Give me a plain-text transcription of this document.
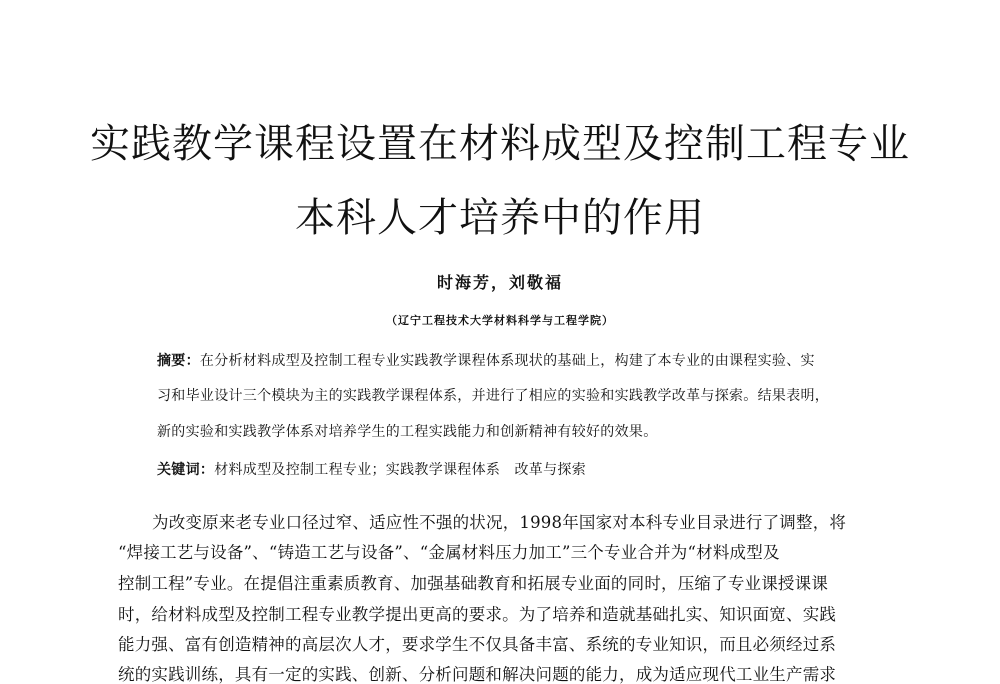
实践教学课程设置在材料成型及控制工程专业
本科人才培养中的作用
时海芳，刘敬福
（辽宁工程技术大学材料科学与工程学院）
摘要：在分析材料成型及控制工程专业实践教学课程体系现状的基础上，构建了本专业的由课程实验、实
习和毕业设计三个模块为主的实践教学课程体系，并进行了相应的实验和实践教学改革与探索。结果表明，
新的实验和实践教学体系对培养学生的工程实践能力和创新精神有较好的效果。
关键词：材料成型及控制工程专业；实践教学课程体系　改革与探索
为改变原来老专业口径过窄、适应性不强的状况，1998年国家对本科专业目录进行了调整，将
“焊接工艺与设备”、“铸造工艺与设备”、“金属材料压力加工”三个专业合并为“材料成型及
控制工程”专业。在提倡注重素质教育、加强基础教育和拓展专业面的同时，压缩了专业课授课课
时，给材料成型及控制工程专业教学提出更高的要求。为了培养和造就基础扎实、知识面宽、实践
能力强、富有创造精神的高层次人才，要求学生不仅具备丰富、系统的专业知识，而且必须经过系
统的实践训练，具有一定的实践、创新、分析问题和解决问题的能力，成为适应现代工业生产需求
